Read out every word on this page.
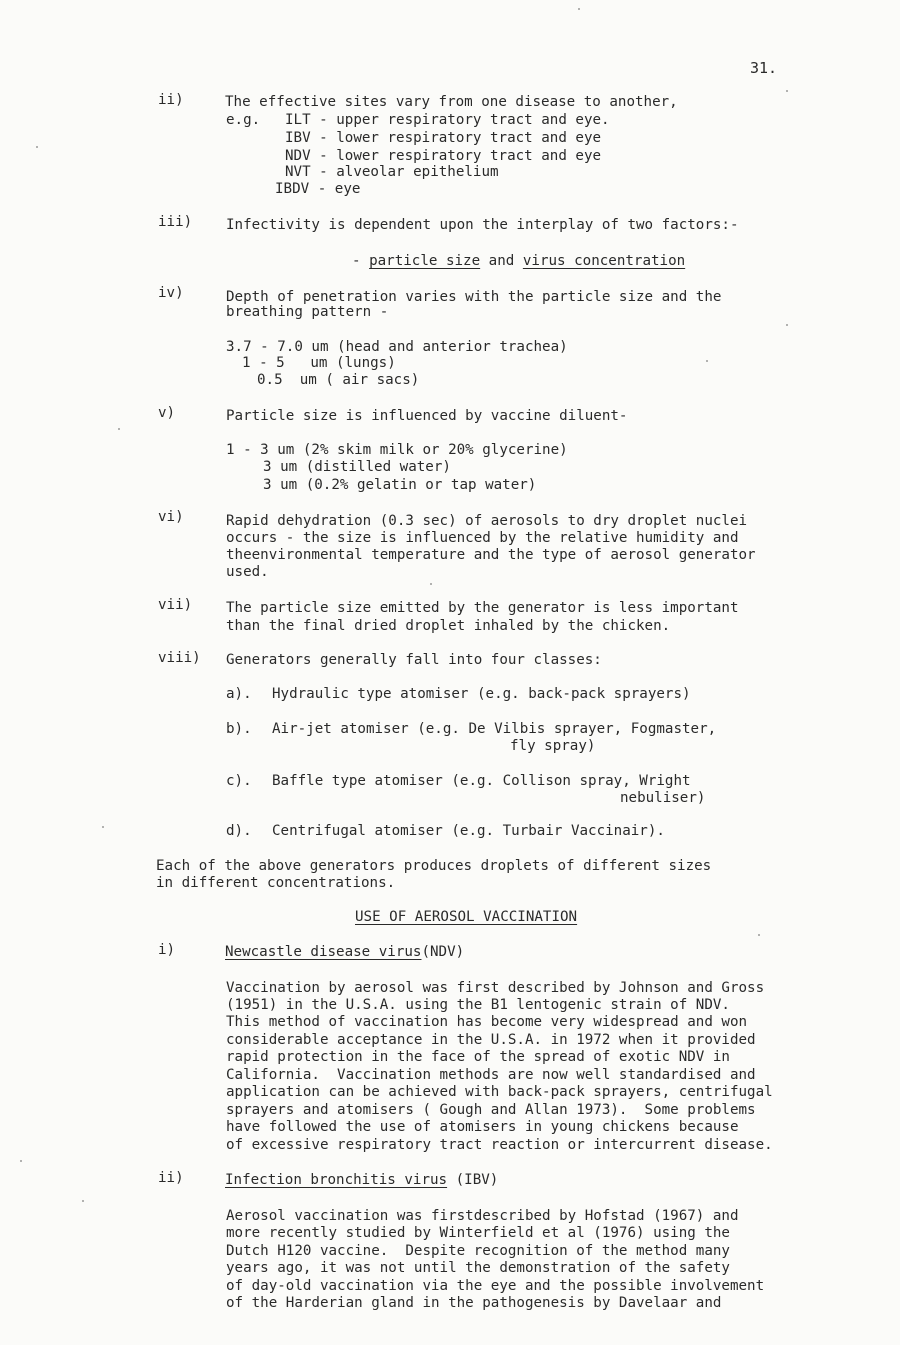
31.
ii)	The effective sites vary from one disease to another,
e.g. ILT - upper respiratory tract and eye.
IBV - lower respiratory tract and eye
NDV - lower respiratory tract and eye
NVT - alveolar epithelium
IBDV - eye
iii) Infectivity is dependent upon the interplay of two factors:-
- particle size and virus concentration
iv)	Depth of penetration varies with the particle size and the
breathing pattern -
3.7 - 7.0 um (head and anterior trachea)
1 - 5   um (lungs)
0.5  um ( air sacs)
v)	Particle size is influenced by vaccine diluent-
1 - 3 um (2% skim milk or 20% glycerine)
3 um (distilled water)
3 um (0.2% gelatin or tap water)
vi)	Rapid dehydration (0.3 sec) of aerosols to dry droplet nuclei
occurs - the size is influenced by the relative humidity and
theenvironmental temperature and the type of aerosol generator
used.
vii) The particle size emitted by the generator is less important
than the final dried droplet inhaled by the chicken.
viii) Generators generally fall into four classes:
a). Hydraulic type atomiser (e.g. back-pack sprayers)
b). Air-jet atomiser (e.g. De Vilbis sprayer, Fogmaster,
fly spray)
c). Baffle type atomiser (e.g. Collison spray, Wright
nebuliser)
d). Centrifugal atomiser (e.g. Turbair Vaccinair).
Each of the above generators produces droplets of different sizes
in different concentrations.
USE OF AEROSOL VACCINATION
i)	Newcastle disease virus(NDV)
Vaccination by aerosol was first described by Johnson and Gross
(1951) in the U.S.A. using the B1 lentogenic strain of NDV.
This method of vaccination has become very widespread and won
considerable acceptance in the U.S.A. in 1972 when it provided
rapid protection in the face of the spread of exotic NDV in
California.  Vaccination methods are now well standardised and
application can be achieved with back-pack sprayers, centrifugal
sprayers and atomisers ( Gough and Allan 1973).  Some problems
have followed the use of atomisers in young chickens because
of excessive respiratory tract reaction or intercurrent disease.
ii)	Infection bronchitis virus (IBV)
Aerosol vaccination was firstdescribed by Hofstad (1967) and
more recently studied by Winterfield et al (1976) using the
Dutch H120 vaccine.  Despite recognition of the method many
years ago, it was not until the demonstration of the safety
of day-old vaccination via the eye and the possible involvement
of the Harderian gland in the pathogenesis by Davelaar and
